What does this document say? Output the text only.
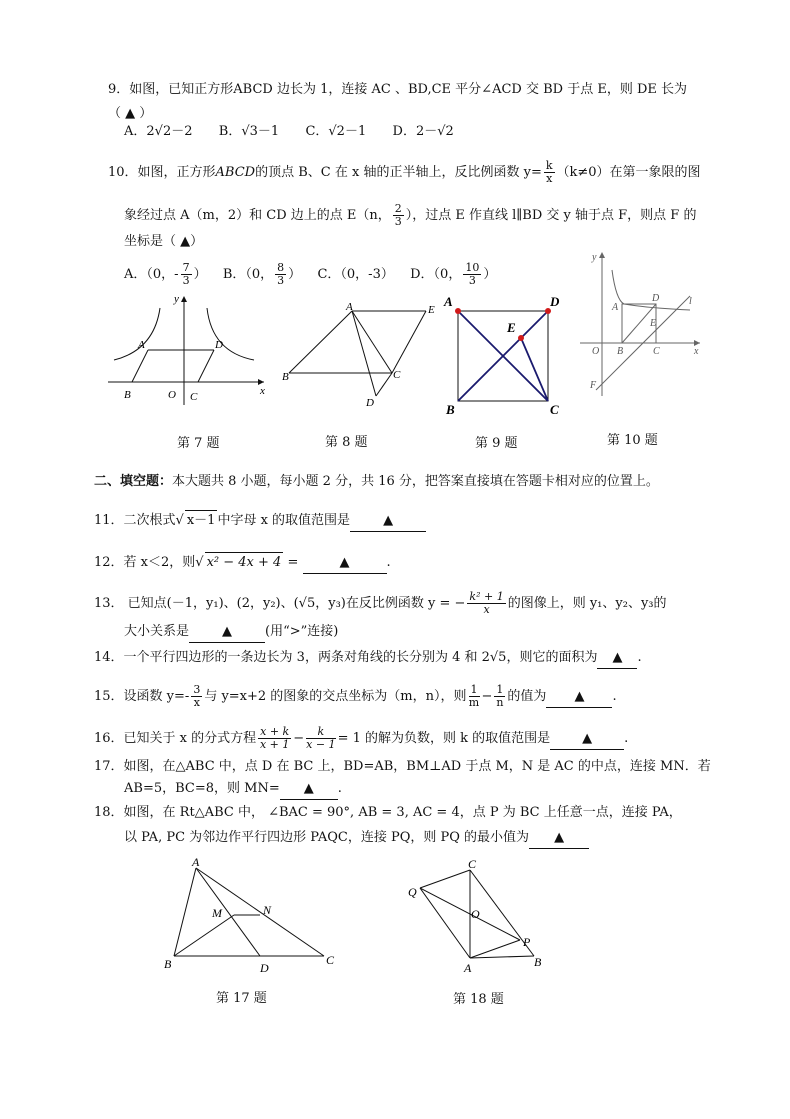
9．如图，已知正方形ABCD 边长为 1，连接 AC 、BD,CE 平分∠ACD 交 BD 于点 E，则 DE 长为
（ ▲ ）
A．2√2－2 B．√3－1 C．√2－1 D．2－√2
10．如图，正方形ABCD的顶点 B、C 在 x 轴的正半轴上，反比例函数 $y= \frac{k}{x} (k\ne 0)$在第一象限的图
象经过点 A（m，2）和 CD 边上的点 E（n， $\frac{2}{3}$ ），过点 E 作直线 l∥BD 交 y 轴于点 F，则点 F 的
坐标是（ ▲）
A．（0，- $\frac{7}{3}$ ）  B．（0， $\frac{8}{3}$ ）  C．（0，-3） D．（0， $\frac{10}{3}$ ）
y
x
A	D
B	O C
A	E
B	C
D
A	D
E
B	C
y
x
A
D
E
l
O B	C
F
第 7 题	第 8 题	第 9 题	第 10 题
二、填空题：本大题共 8 小题，每小题 2 分，共 16 分，把答案直接填在答题卡相对应的位置上。
11．二次根式√ x－1 中字母 x 的取值范围是	▲
12．若 x＜2，则√ x² − 4x + 4 =	▲	.
13． 已知点(－1，y₁)、(2，y₂)、(√5，y₃)在反比例函数 y = − $\frac{\text{k² + 1}}{x}$ 的图像上，则 y₁、y₂、y₃的
大小关系是	▲	(用“>”连接)
14．一个平行四边形的一条边长为 3，两条对角线的长分别为 4 和 2√5，则它的面积为 ▲ .
15．设函数 $y=- \frac{3}{x}$ 与 y=x+2 的图象的交点坐标为（m，n），则 $\frac{1}{m} - \frac{1}{n}$ 的值为 ▲ .
16．已知关于 x 的分式方程 $\frac{x + k}{x + 1} - \frac{k}{x - 1} = 1$ 的解为负数，则 k 的取值范围是 ▲ .
17．如图，在△ABC 中，点 D 在 BC 上，BD=AB，BM⊥AD 于点 M，N 是 AC 的中点，连接 MN．若
AB=5，BC=8，则 MN= ▲ .
18．如图，在 Rt△ABC 中， ∠BAC = 90°, AB = 3, AC = 4，点 P 为 BC 上任意一点，连接 PA，
以 PA, PC 为邻边作平行四边形 PAQC，连接 PQ，则 PQ 的最小值为 ▲
A
M	N
B	D
C
C
Q
O
P
A	B
第 17 题	第 18 题
